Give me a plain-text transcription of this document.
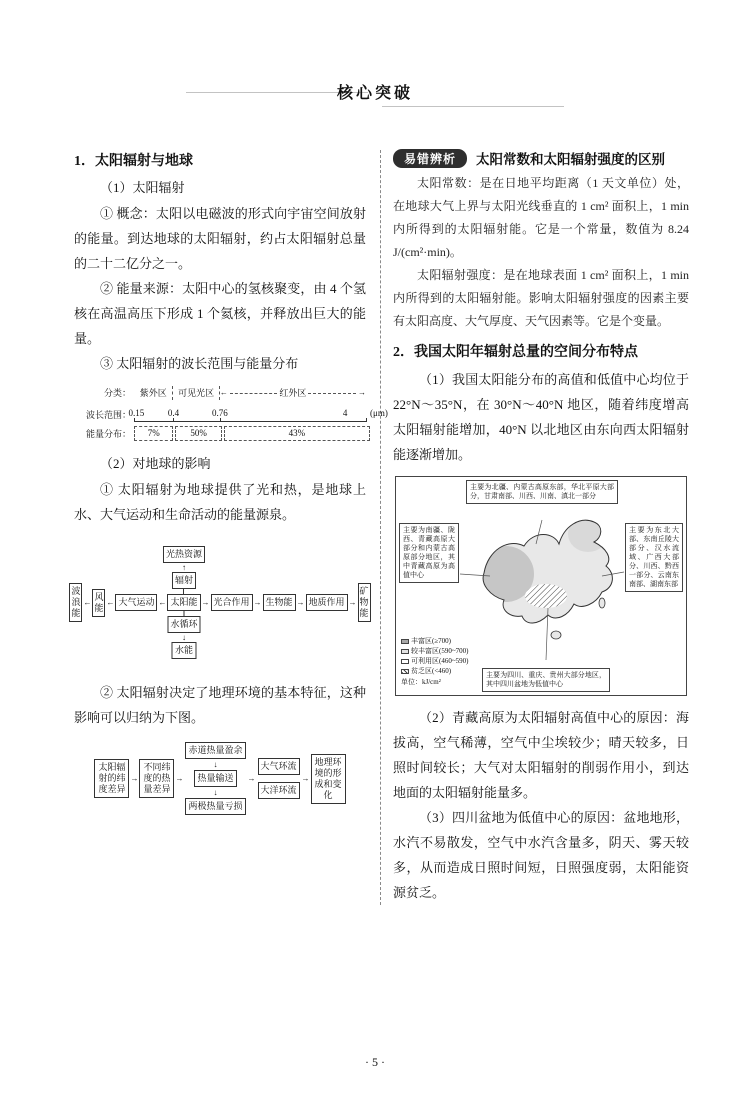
核心突破
1．太阳辐射与地球
（1）太阳辐射

① 概念：太阳以电磁波的形式向宇宙空间放射的能量。到达地球的太阳辐射，约占太阳辐射总量的二十二亿分之一。

② 能量来源：太阳中心的氢核聚变，由 4 个氢核在高温高压下形成 1 个氦核，并释放出巨大的能量。

③ 太阳辐射的波长范围与能量分布

分类： 紫外区	可见光区 ←	红外区	→
波长范围：
0.15	0.4	0.76	4	(μm)
能量分布：	7%	50%	43%
（2）对地球的影响

① 太阳辐射为地球提供了光和热，是地球上水、大气运动和生命活动的能量源泉。

波浪能
←
风能
← 大气运动 ←
光热资源
↑
辐射
太阳能
水循环
↓
水能
→ 光合作用 → 生物能 → 地质作用 →
矿物能

② 太阳辐射决定了地理环境的基本特征，这种影响可以归纳为下图。

太阳辐射的纬度差异
→
不同纬度的热量差异
→
赤道热量盈余
↓
热量输送
↓
两极热量亏损
→
大气环流
大洋环流
→
地理环境的形成和变化
易错辨析	太阳常数和太阳辐射强度的区别

太阳常数：是在日地平均距离（1 天文单位）处，在地球大气上界与太阳光线垂直的 1 cm² 面积上，1 min 内所得到的太阳辐射能。它是一个常量，数值为 8.24 J/(cm²·min)。

太阳辐射强度：是在地球表面 1 cm² 面积上，1 min 内所得到的太阳辐射能。影响太阳辐射强度的因素主要有太阳高度、大气厚度、天气因素等。它是个变量。

2．我国太阳年辐射总量的空间分布特点

（1）我国太阳能分布的高值和低值中心均位于 22°N～35°N，在 30°N～40°N 地区，随着纬度增高太阳辐射能增加，40°N 以北地区由东向西太阳辐射能逐渐增加。

主要为北疆、内蒙古高原东部，华北平原大部分，甘肃南部、川西、川南、滇北一部分
主要为南疆、陇西、青藏高原大部分和内蒙古高原部分地区，其中青藏高原为高值中心
主要为东北大部、东南丘陵大部分、汉水流域、广西大部分、川西、黔西一部分、云南东南部、湖南东部
主要为四川、重庆、贵州大部分地区，其中四川盆地为低值中心
丰富区(≥700)
较丰富区(590~700)
可利用区(460~590)
贫乏区(<460)
单位：kJ/cm²

（2）青藏高原为太阳辐射高值中心的原因：海拔高，空气稀薄，空气中尘埃较少；晴天较多，日照时间较长；大气对太阳辐射的削弱作用小，到达地面的太阳辐射能量多。

（3）四川盆地为低值中心的原因：盆地地形，水汽不易散发，空气中水汽含量多，阴天、雾天较多，从而造成日照时间短，日照强度弱，太阳能资源贫乏。

· 5 ·
